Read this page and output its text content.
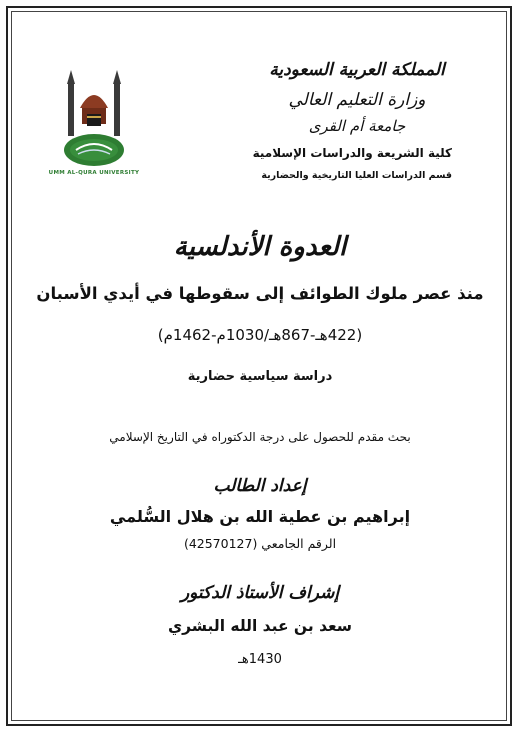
المملكة العربية السعودية
وزارة التعليم العالي
جامعة أم القرى
كلية الشريعة والدراسات الإسلامية
قسم الدراسات العليا التاريخية والحضارية
UMM AL-QURA UNIVERSITY
العدوة الأندلسية
منذ عصر ملوك الطوائف إلى سقوطها في أيدي الأسبان
(422هـ-867هـ/1030م-1462م)
دراسة سياسية حضارية
بحث مقدم للحصول على درجة الدكتوراه في التاريخ الإسلامي
إعداد الطالب
إبراهيم بن عطية الله بن هلال السُّلمي
الرقم الجامعي (42570127)
إشراف الأستاذ الدكتور
سعد بن عبد الله البشري
1430هـ
